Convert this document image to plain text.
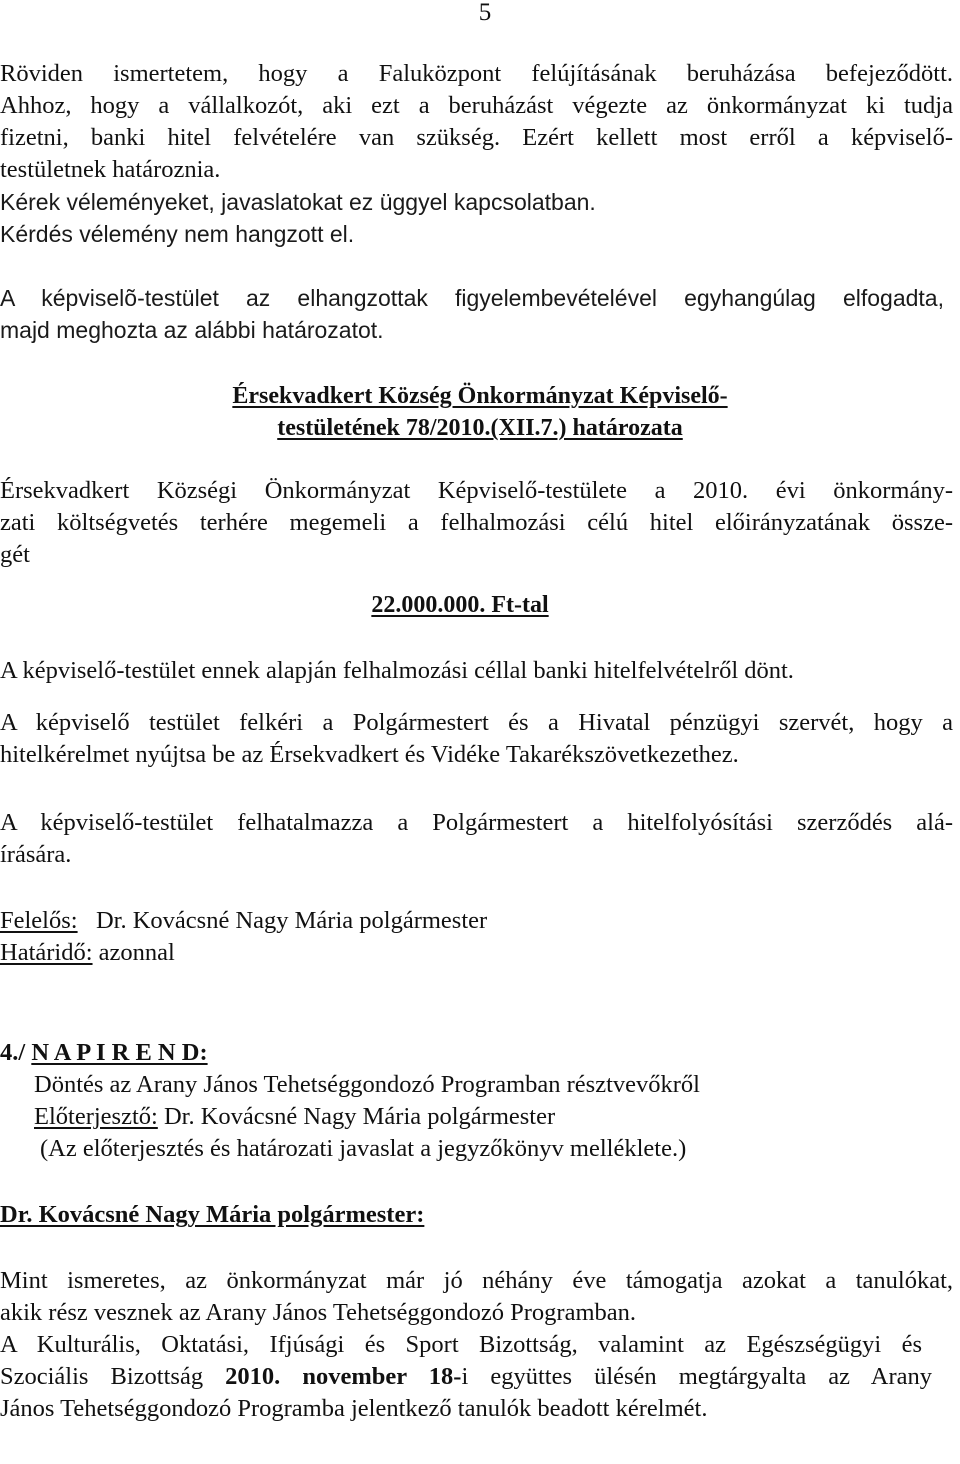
5
Röviden ismertetem, hogy a Faluközpont felújításának beruházása befejeződött.
Ahhoz, hogy a vállalkozót, aki ezt a beruházást végezte az önkormányzat ki tudja
fizetni, banki hitel felvételére van szükség. Ezért kellett most erről a képviselő-
testületnek határoznia.
Kérek véleményeket, javaslatokat ez üggyel kapcsolatban.
Kérdés vélemény nem hangzott el.
A képviselõ-testület az elhangzottak figyelembevételével egyhangúlag elfogadta,
majd meghozta az alábbi határozatot.
Érsekvadkert Község Önkormányzat Képviselő-
testületének 78/2010.(XII.7.) határozata
Érsekvadkert Községi Önkormányzat Képviselő-testülete a 2010. évi önkormány-
zati költségvetés terhére megemeli a felhalmozási célú hitel előirányzatának össze-
gét
22.000.000. Ft-tal
A képviselő-testület ennek alapján felhalmozási céllal banki hitelfelvételről dönt.
A képviselő testület felkéri a Polgármestert és a Hivatal pénzügyi szervét, hogy a
hitelkérelmet nyújtsa be az Érsekvadkert és Vidéke Takarékszövetkezethez.
A képviselő-testület felhatalmazza a Polgármestert a hitelfolyósítási szerződés alá-
írására.
Felelős: Dr. Kovácsné Nagy Mária polgármester
Határidő: azonnal
4./ N A P I R E N D:
Döntés az Arany János Tehetséggondozó Programban résztvevőkről
Előterjesztő: Dr. Kovácsné Nagy Mária polgármester
(Az előterjesztés és határozati javaslat a jegyzőkönyv melléklete.)
Dr. Kovácsné Nagy Mária polgármester:
Mint ismeretes, az önkormányzat már jó néhány éve támogatja azokat a tanulókat,
akik rész vesznek az Arany János Tehetséggondozó Programban.
A Kulturális, Oktatási, Ifjúsági és Sport Bizottság, valamint az Egészségügyi és
Szociális Bizottság 2010. november 18-i együttes ülésén megtárgyalta az Arany
János Tehetséggondozó Programba jelentkező tanulók beadott kérelmét.
